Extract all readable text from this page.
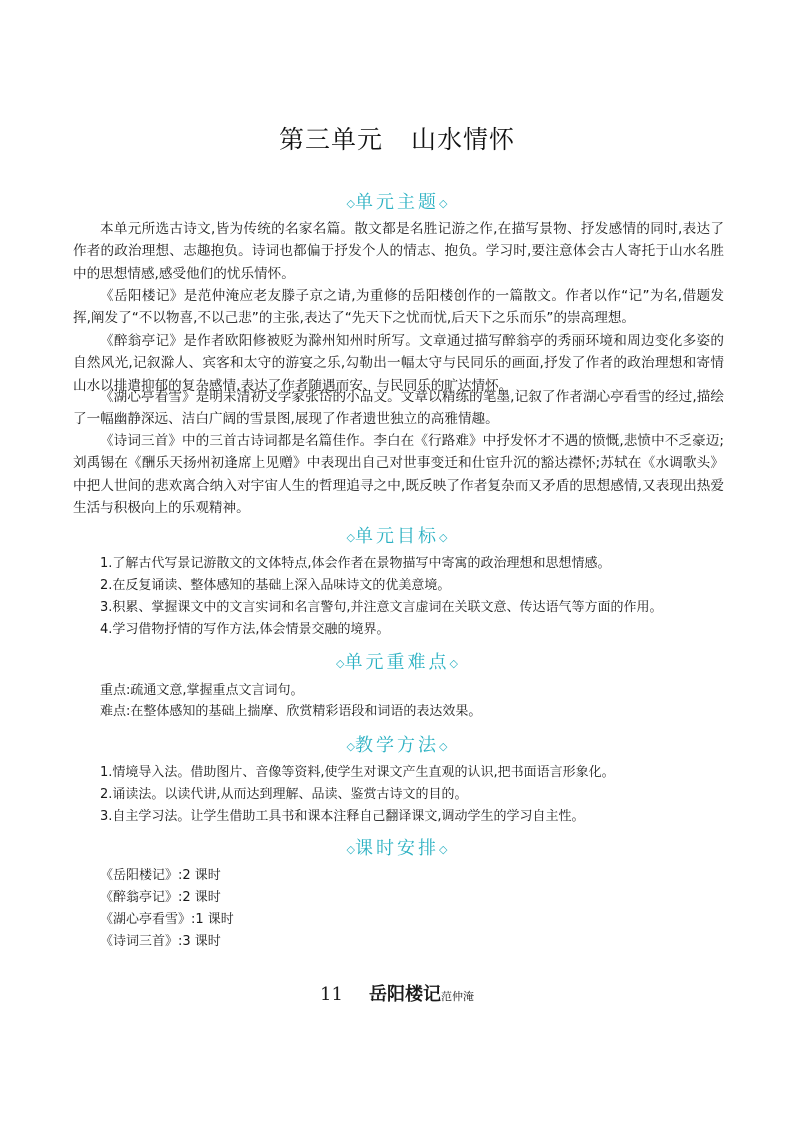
第三单元 山水情怀
◇单元主题◇

本单元所选古诗文,皆为传统的名家名篇。散文都是名胜记游之作,在描写景物、抒发感情的同时,表达了作者的政治理想、志趣抱负。诗词也都偏于抒发个人的情志、抱负。学习时,要注意体会古人寄托于山水名胜中的思想情感,感受他们的忧乐情怀。

《岳阳楼记》是范仲淹应老友滕子京之请,为重修的岳阳楼创作的一篇散文。作者以作“记”为名,借题发挥,阐发了“不以物喜,不以己悲”的主张,表达了“先天下之忧而忧,后天下之乐而乐”的崇高理想。

《醉翁亭记》是作者欧阳修被贬为滁州知州时所写。文章通过描写醉翁亭的秀丽环境和周边变化多姿的自然风光,记叙滁人、宾客和太守的游宴之乐,勾勒出一幅太守与民同乐的画面,抒发了作者的政治理想和寄情山水以排遣抑郁的复杂感情,表达了作者随遇而安、与民同乐的旷达情怀。

《湖心亭看雪》是明末清初文学家张岱的小品文。文章以精练的笔墨,记叙了作者湖心亭看雪的经过,描绘了一幅幽静深远、洁白广阔的雪景图,展现了作者遗世独立的高雅情趣。

《诗词三首》中的三首古诗词都是名篇佳作。李白在《行路难》中抒发怀才不遇的愤慨,悲愤中不乏豪迈;刘禹锡在《酬乐天扬州初逢席上见赠》中表现出自己对世事变迁和仕宦升沉的豁达襟怀;苏轼在《水调歌头》中把人世间的悲欢离合纳入对宇宙人生的哲理追寻之中,既反映了作者复杂而又矛盾的思想感情,又表现出热爱生活与积极向上的乐观精神。

◇单元目标◇

1.了解古代写景记游散文的文体特点,体会作者在景物描写中寄寓的政治理想和思想情感。

2.在反复诵读、整体感知的基础上深入品味诗文的优美意境。

3.积累、掌握课文中的文言实词和名言警句,并注意文言虚词在关联文意、传达语气等方面的作用。

4.学习借物抒情的写作方法,体会情景交融的境界。

◇单元重难点◇

重点:疏通文意,掌握重点文言词句。

难点:在整体感知的基础上揣摩、欣赏精彩语段和词语的表达效果。

◇教学方法◇

1.情境导入法。借助图片、音像等资料,使学生对课文产生直观的认识,把书面语言形象化。

2.诵读法。以读代讲,从而达到理解、品读、鉴赏古诗文的目的。

3.自主学习法。让学生借助工具书和课本注释自己翻译课文,调动学生的学习自主性。

◇课时安排◇

《岳阳楼记》:2 课时

《醉翁亭记》:2 课时

《湖心亭看雪》:1 课时

《诗词三首》:3 课时

11 岳阳楼记范仲淹
